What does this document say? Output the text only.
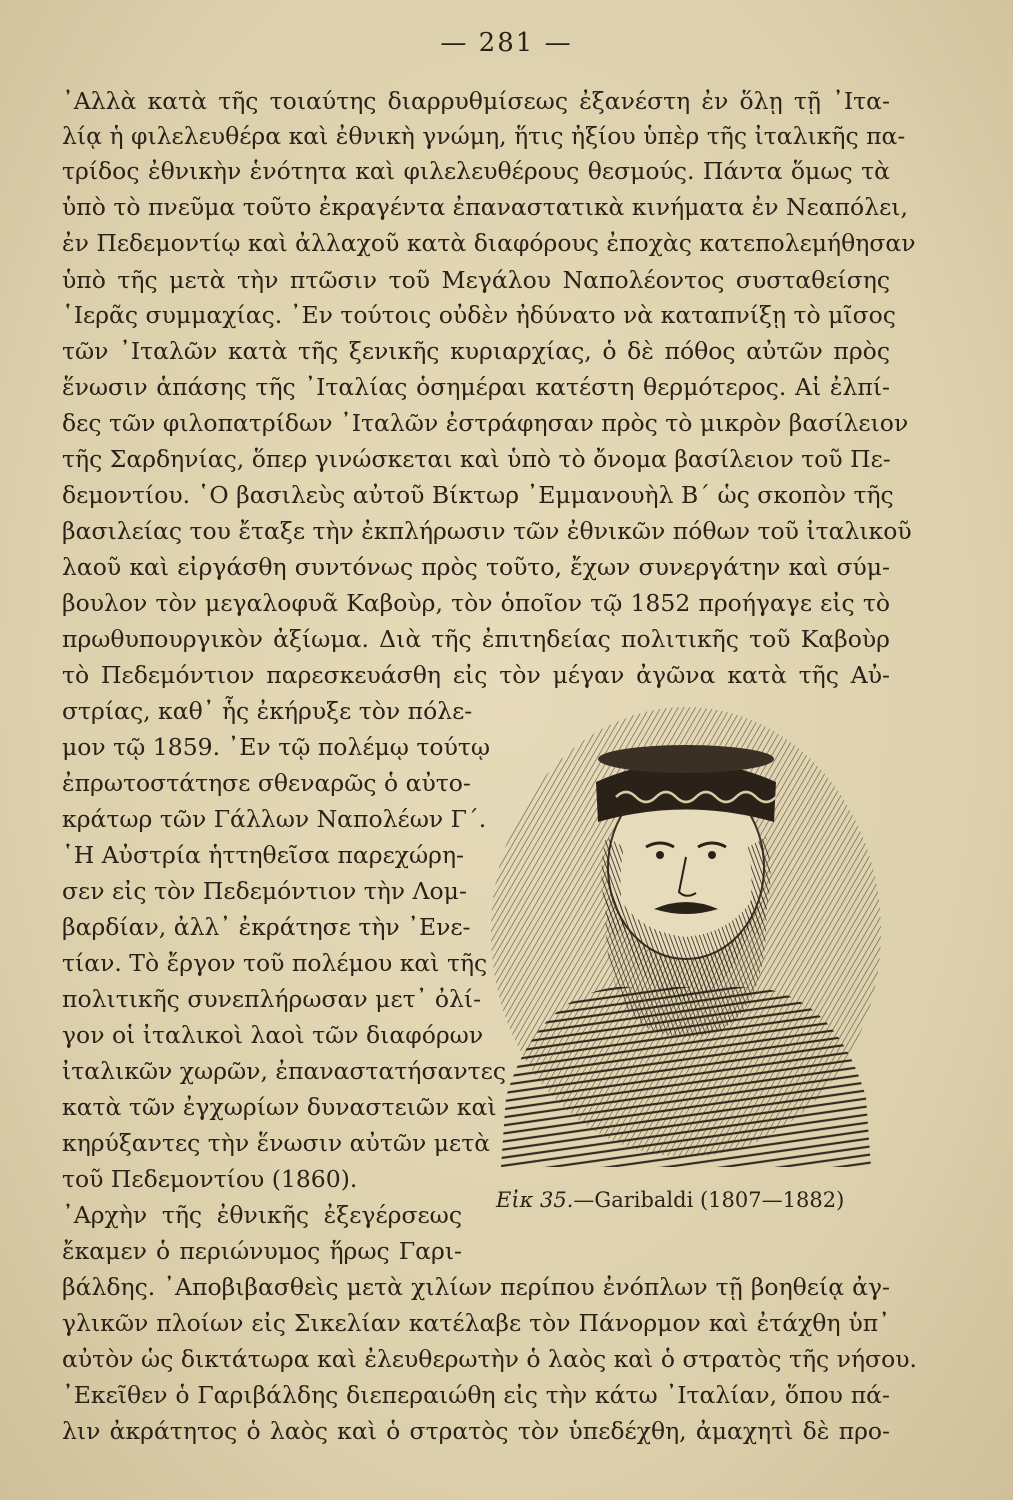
— 281 —
᾿Αλλὰ κατὰ τῆς τοιαύτης διαρρυθμίσεως ἐξανέστη ἐν ὅλῃ τῇ ᾿Ιτα-
λίᾳ ἡ φιλελευθέρα καὶ ἐθνικὴ γνώμη, ἥτις ἠξίου ὑπὲρ τῆς ἰταλικῆς πα-
τρίδος ἐθνικὴν ἑνότητα καὶ φιλελευθέρους θεσμούς. Πάντα ὅμως τὰ
ὑπὸ τὸ πνεῦμα τοῦτο ἐκραγέντα ἐπαναστατικὰ κινήματα ἐν Νεαπόλει,
ἐν Πεδεμοντίῳ καὶ ἀλλαχοῦ κατὰ διαφόρους ἐποχὰς κατεπολεμήθησαν
ὑπὸ τῆς μετὰ τὴν πτῶσιν τοῦ Μεγάλου Ναπολέοντος συσταθείσης
῾Ιερᾶς συμμαχίας. ᾿Εν τούτοις οὐδὲν ἠδύνατο νὰ καταπνίξῃ τὸ μῖσος
τῶν ᾿Ιταλῶν κατὰ τῆς ξενικῆς κυριαρχίας, ὁ δὲ πόθος αὐτῶν πρὸς
ἕνωσιν ἁπάσης τῆς ᾿Ιταλίας ὁσημέραι κατέστη θερμότερος. Αἱ ἐλπί-
δες τῶν φιλοπατρίδων ᾿Ιταλῶν ἐστράφησαν πρὸς τὸ μικρὸν βασίλειον
τῆς Σαρδηνίας, ὅπερ γινώσκεται καὶ ὑπὸ τὸ ὄνομα βασίλειον τοῦ Πε-
δεμοντίου. ῾Ο βασιλεὺς αὐτοῦ Βίκτωρ ᾿Εμμανουὴλ Β´ ὡς σκοπὸν τῆς
βασιλείας του ἔταξε τὴν ἐκπλήρωσιν τῶν ἐθνικῶν πόθων τοῦ ἰταλικοῦ
λαοῦ καὶ εἰργάσθη συντόνως πρὸς τοῦτο, ἔχων συνεργάτην καὶ σύμ-
βουλον τὸν μεγαλοφυᾶ Καβοὺρ, τὸν ὁποῖον τῷ 1852 προήγαγε εἰς τὸ
πρωθυπουργικὸν ἀξίωμα. Διὰ τῆς ἐπιτηδείας πολιτικῆς τοῦ Καβοὺρ
τὸ Πεδεμόντιον παρεσκευάσθη εἰς τὸν μέγαν ἀγῶνα κατὰ τῆς Αὐ-
στρίας, καθ᾿ ἧς ἐκήρυξε τὸν πόλε-
μον τῷ 1859. ᾿Εν τῷ πολέμῳ τούτῳ
ἐπρωτοστάτησε σθεναρῶς ὁ αὐτο-
κράτωρ τῶν Γάλλων Ναπολέων Γ´.
῾Η Αὐστρία ἡττηθεῖσα παρεχώρη-
σεν εἰς τὸν Πεδεμόντιον τὴν Λομ-
βαρδίαν, ἀλλ᾿ ἐκράτησε τὴν ᾿Ενε-
τίαν. Τὸ ἔργον τοῦ πολέμου καὶ τῆς
πολιτικῆς συνεπλήρωσαν μετ᾿ ὀλί-
γον οἱ ἰταλικοὶ λαοὶ τῶν διαφόρων
ἰταλικῶν χωρῶν, ἐπαναστατήσαντες
κατὰ τῶν ἐγχωρίων δυναστειῶν καὶ
κηρύξαντες τὴν ἕνωσιν αὐτῶν μετὰ
τοῦ Πεδεμοντίου (1860).
᾿Αρχὴν τῆς ἐθνικῆς ἐξεγέρσεως
ἔκαμεν ὁ περιώνυμος ἥρως Γαρι-
Εἰκ 35.—Garibaldi (1807—1882)
βάλδης. ᾿Αποβιβασθεὶς μετὰ χιλίων περίπου ἐνόπλων τῇ βοηθείᾳ ἀγ-
γλικῶν πλοίων εἰς Σικελίαν κατέλαβε τὸν Πάνορμον καὶ ἐτάχθη ὑπ᾿
αὐτὸν ὡς δικτάτωρα καὶ ἐλευθερωτὴν ὁ λαὸς καὶ ὁ στρατὸς τῆς νήσου.
᾿Εκεῖθεν ὁ Γαριβάλδης διεπεραιώθη εἰς τὴν κάτω ᾿Ιταλίαν, ὅπου πά-
λιν ἀκράτητος ὁ λαὸς καὶ ὁ στρατὸς τὸν ὑπεδέχθη, ἀμαχητὶ δὲ προ-
